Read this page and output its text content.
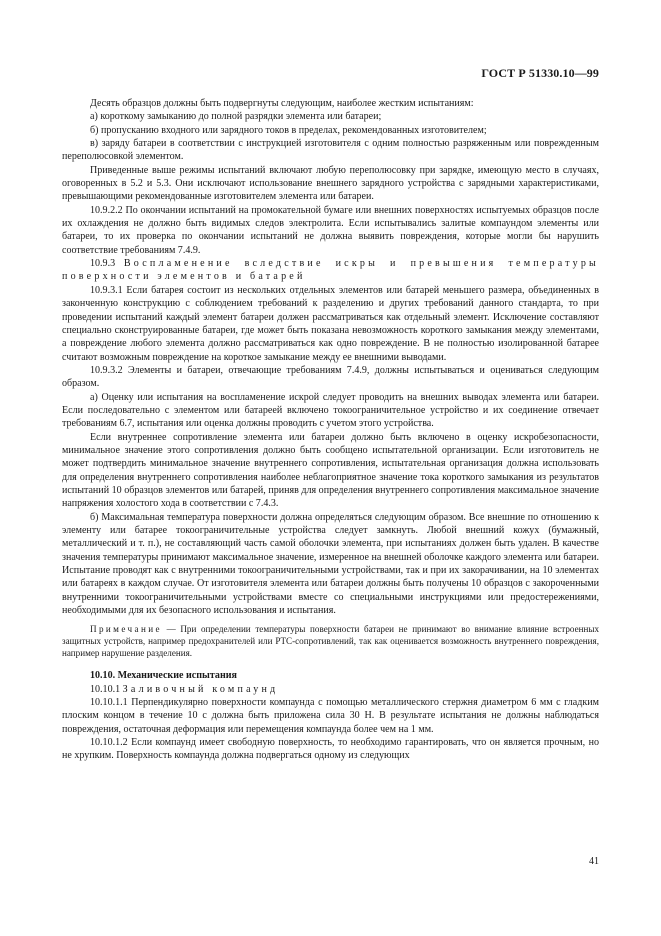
ГОСТ Р 51330.10—99

Десять образцов должны быть подвергнуты следующим, наиболее жестким испытаниям:

а) короткому замыканию до полной разрядки элемента или батареи;

б) пропусканию входного или зарядного токов в пределах, рекомендованных изготовителем;

в) заряду батареи в соответствии с инструкцией изготовителя с одним полностью разряженным или поврежденным переполюсовкой элементом.

Приведенные выше режимы испытаний включают любую переполюсовку при зарядке, имеющую место в случаях, оговоренных в 5.2 и 5.3. Они исключают использование внешнего зарядного устройства с зарядными характеристиками, превышающими рекомендованные изготовителем элемента или батареи.

10.9.2.2 По окончании испытаний на промокательной бумаге или внешних поверхностях испытуемых образцов после их охлаждения не должно быть видимых следов электролита. Если испытывались залитые компаундом элементы или батареи, то их проверка по окончании испытаний не должна выявить повреждения, которые могли бы нарушить соответствие требованиям 7.4.9.

10.9.3 Воспламенение вследствие искры и превышения температуры поверхности элементов и батарей

10.9.3.1 Если батарея состоит из нескольких отдельных элементов или батарей меньшего размера, объединенных в законченную конструкцию с соблюдением требований к разделению и других требований данного стандарта, то при проведении испытаний каждый элемент батареи должен рассматриваться как отдельный элемент. Исключение составляют специально сконструированные батареи, где может быть показана невозможность короткого замыкания между элементами, а повреждение любого элемента должно рассматриваться как одно повреждение. В не полностью изолированной батарее считают возможным повреждение на короткое замыкание между ее внешними выводами.

10.9.3.2 Элементы и батареи, отвечающие требованиям 7.4.9, должны испытываться и оцениваться следующим образом.

а) Оценку или испытания на воспламенение искрой следует проводить на внешних выводах элемента или батареи. Если последовательно с элементом или батареей включено токоограничительное устройство и их соединение отвечает требованиям 6.7, испытания или оценка должны проводить с учетом этого устройства.

Если внутреннее сопротивление элемента или батареи должно быть включено в оценку искробезопасности, минимальное значение этого сопротивления должно быть сообщено испытательной организации. Если изготовитель не может подтвердить минимальное значение внутреннего сопротивления, испытательная организация должна использовать для определения внутреннего сопротивления наиболее неблагоприятное значение тока короткого замыкания из результатов испытаний 10 образцов элементов или батарей, приняв для определения внутреннего сопротивления максимальное значение напряжения холостого хода в соответствии с 7.4.3.

б) Максимальная температура поверхности должна определяться следующим образом. Все внешние по отношению к элементу или батарее токоограничительные устройства следует замкнуть. Любой внешний кожух (бумажный, металлический и т. п.), не составляющий часть самой оболочки элемента, при испытаниях должен быть удален. В качестве значения температуры принимают максимальное значение, измеренное на внешней оболочке каждого элемента или батареи. Испытание проводят как с внутренними токоограничительными устройствами, так и при их закорачивании, на 10 элементах или батареях в каждом случае. От изготовителя элемента или батареи должны быть получены 10 образцов с закороченными внутренними токоограничительными устройствами вместе со специальными инструкциями или предостережениями, необходимыми для их безопасного использования и испытания.

Примечание — При определении температуры поверхности батареи не принимают во внимание влияние встроенных защитных устройств, например предохранителей или PTC-сопротивлений, так как оценивается возможность внутреннего повреждения, например нарушение разделения.

10.10. Механические испытания

10.10.1 Заливочный компаунд

10.10.1.1 Перпендикулярно поверхности компаунда с помощью металлического стержня диаметром 6 мм с гладким плоским концом в течение 10 с должна быть приложена сила 30 Н. В результате испытания не должны наблюдаться повреждения, остаточная деформация или перемещения компаунда более чем на 1 мм.

10.10.1.2 Если компаунд имеет свободную поверхность, то необходимо гарантировать, что он является прочным, но не хрупким. Поверхность компаунда должна подвергаться одному из следующих

41
